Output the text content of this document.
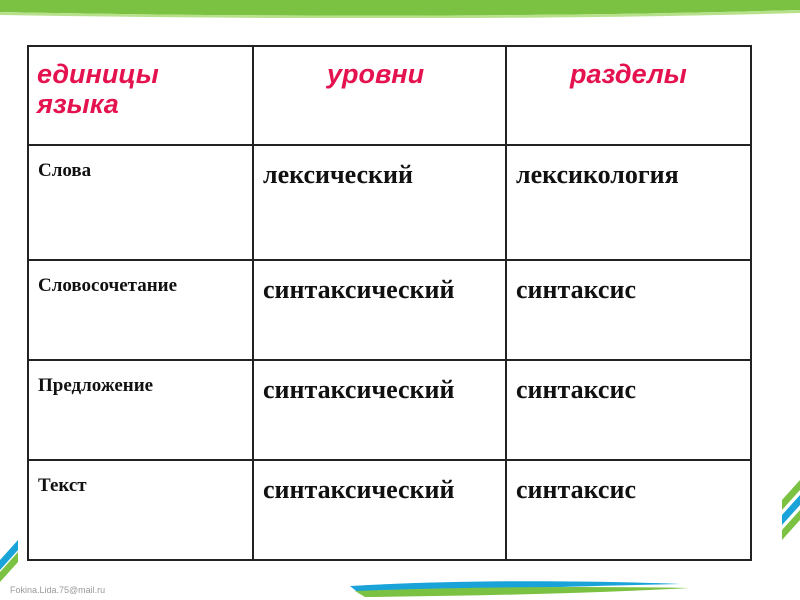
единицы языка	уровни	разделы
Слова	лексический	лексикология
Словосочетание	синтаксический	синтаксис
Предложение	синтаксический	синтаксис
Текст	синтаксический	синтаксис
Fokina.Lida.75@mail.ru
